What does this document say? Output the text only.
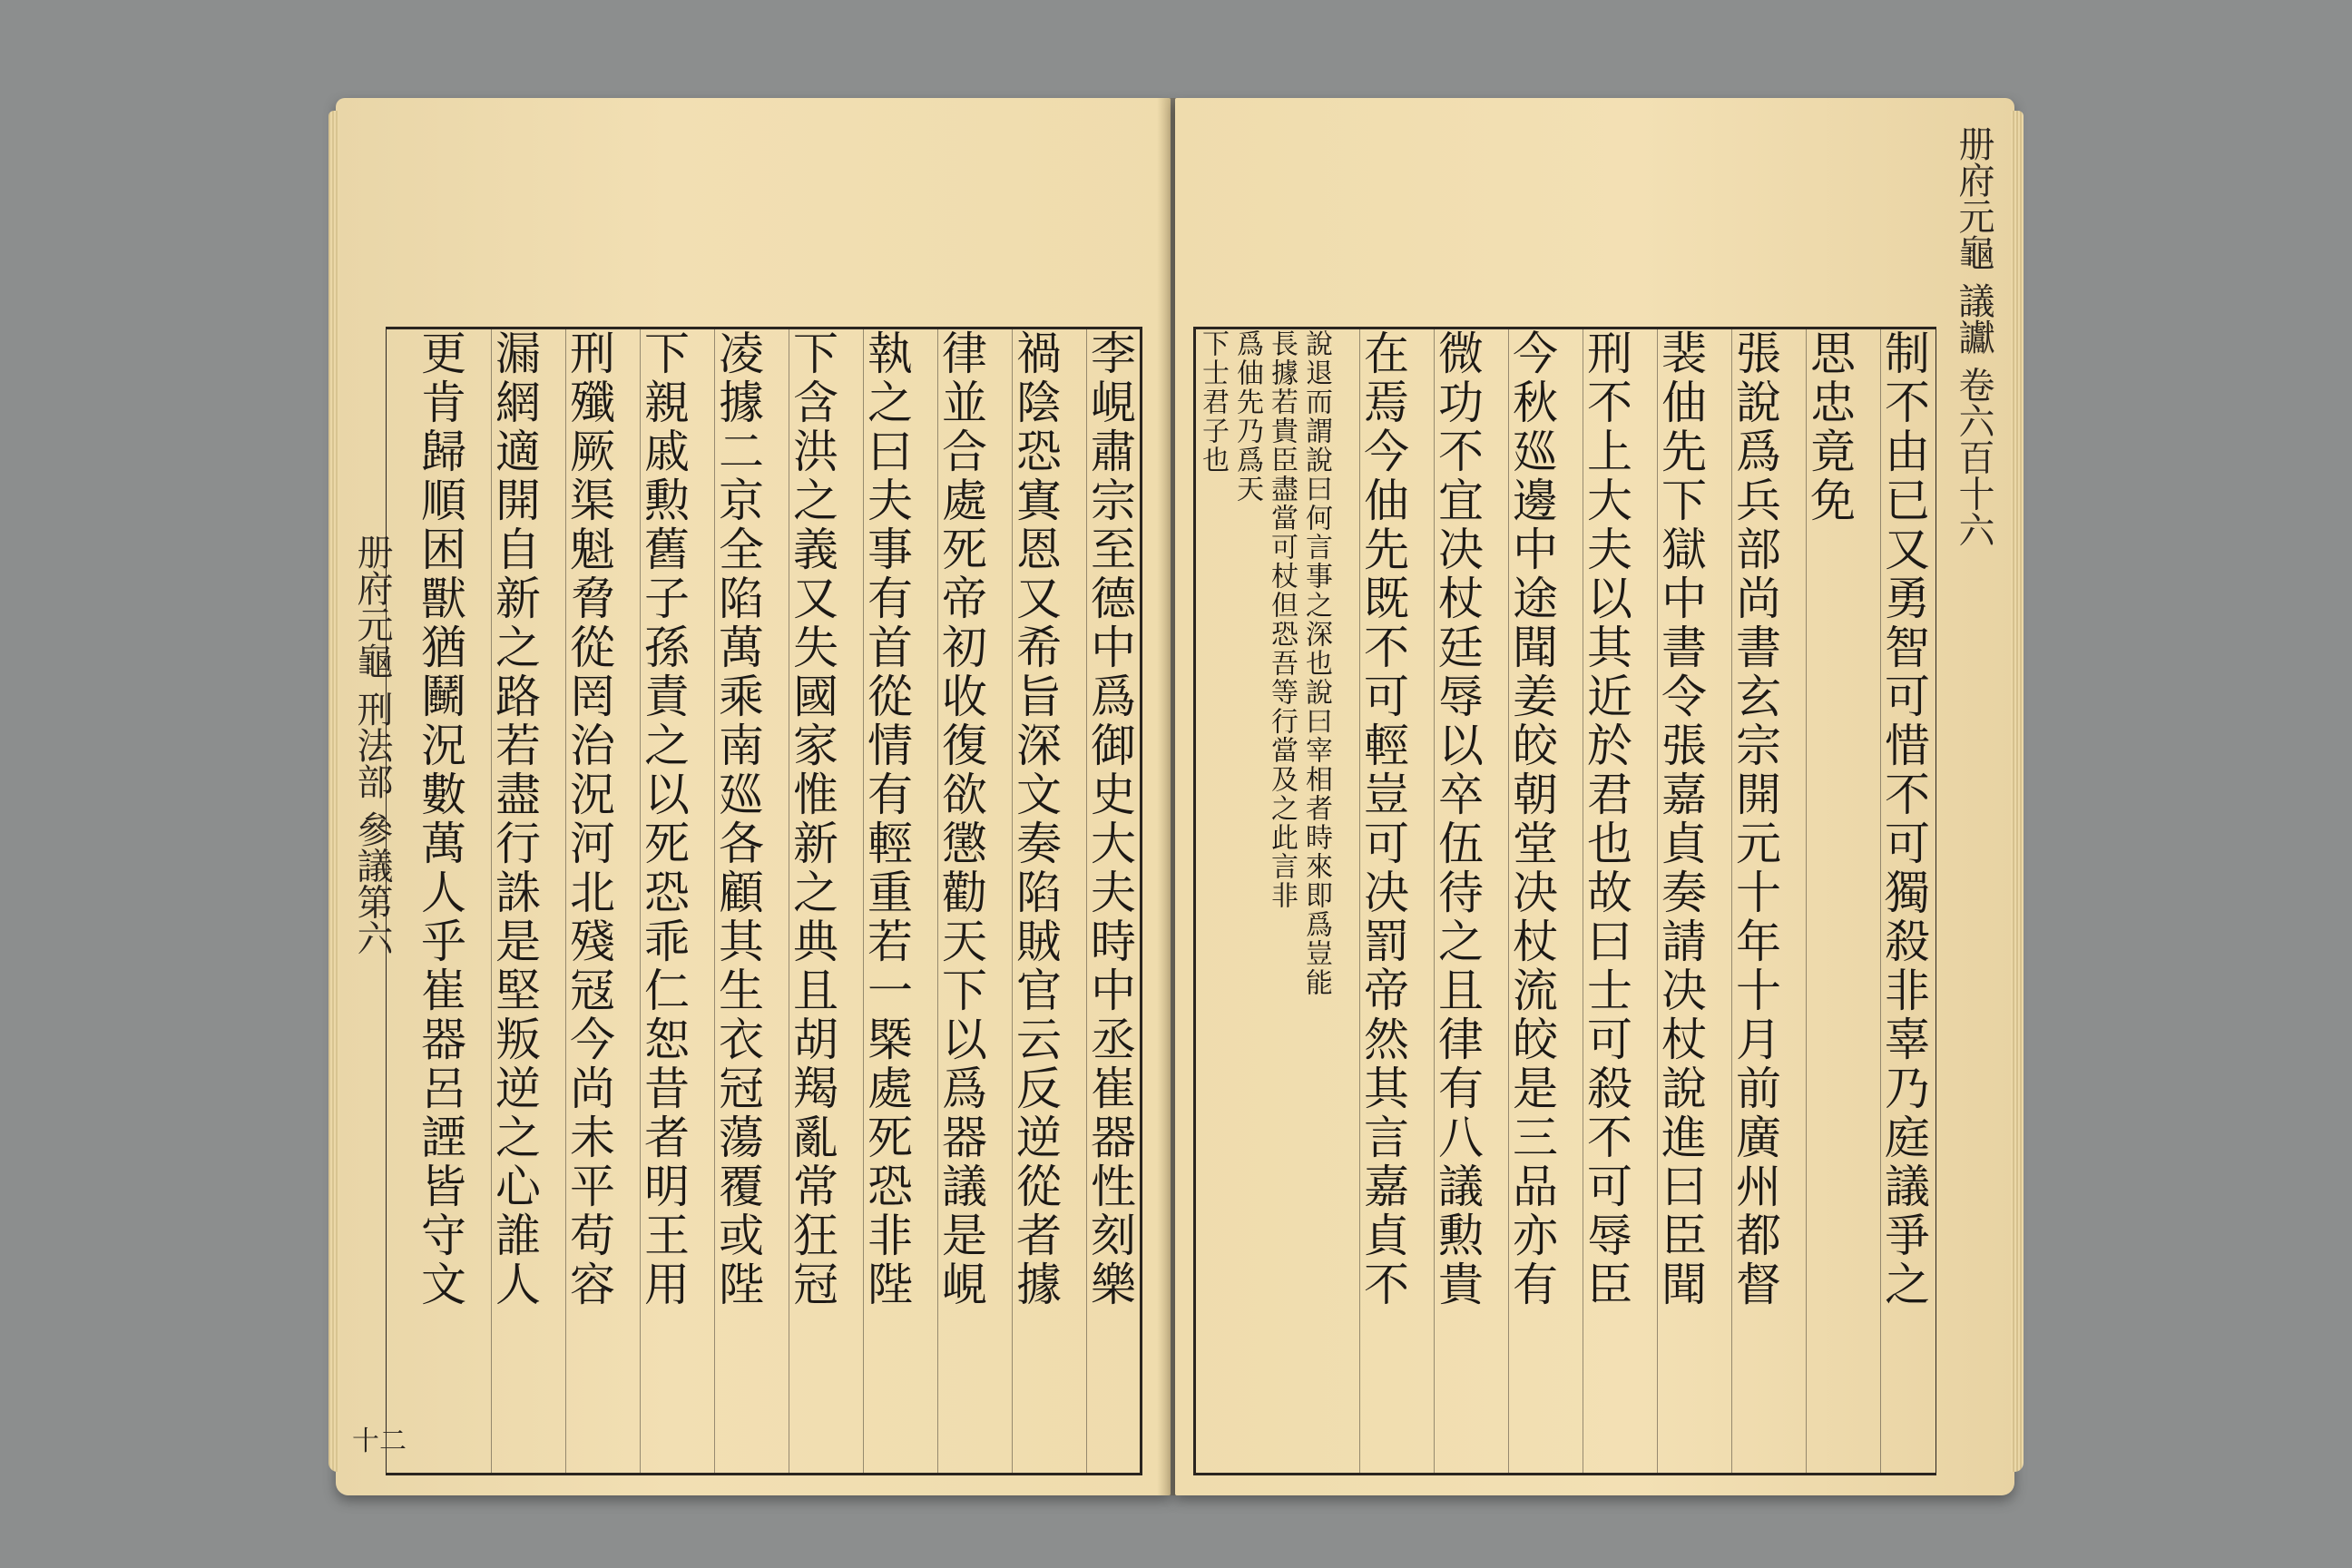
册府元龜 刑法部 參議第六
十二
李峴肅宗至德中爲御史大夫時中丞崔器性刻樂
禍陰恐寘恩又希旨深文奏陷賊官云反逆從者據
律並合處死帝初收復欲懲勸天下以爲器議是峴
執之曰夫事有首從情有輕重若一槩處死恐非陛
下含洪之義又失國家惟新之典且胡羯亂常狂冠
凌據二京全陷萬乘南廵各顧其生衣冠蕩覆或陛
下親戚勲舊子孫責之以死恐乖仁恕昔者明王用
刑殲厥渠魁脅從罔治況河北殘冦今尚未平苟容
漏網適開自新之路若盡行誅是堅叛逆之心誰人
更肯歸順困獸猶鬭況數萬人乎崔器呂諲皆守文	册府元龜 議讞 卷六百十六
制不由已又勇智可惜不可獨殺非辜乃庭議爭之
思忠竟免
張說爲兵部尚書玄宗開元十年十月前廣州都督
裴伷先下獄中書令張嘉貞奏請决杖說進曰臣聞
刑不上大夫以其近於君也故曰士可殺不可辱臣
今秋廵邊中途聞姜皎朝堂决杖流皎是三品亦有
微功不宜决杖廷辱以卒伍待之且律有八議勲貴
在焉今伷先既不可輕豈可决罰帝然其言嘉貞不
說退而謂說曰何言事之深也說曰宰相者時來即爲豈能
長據若貴臣盡當可杖但恐吾等行當及之此言非
爲伷先乃爲天
下士君子也
